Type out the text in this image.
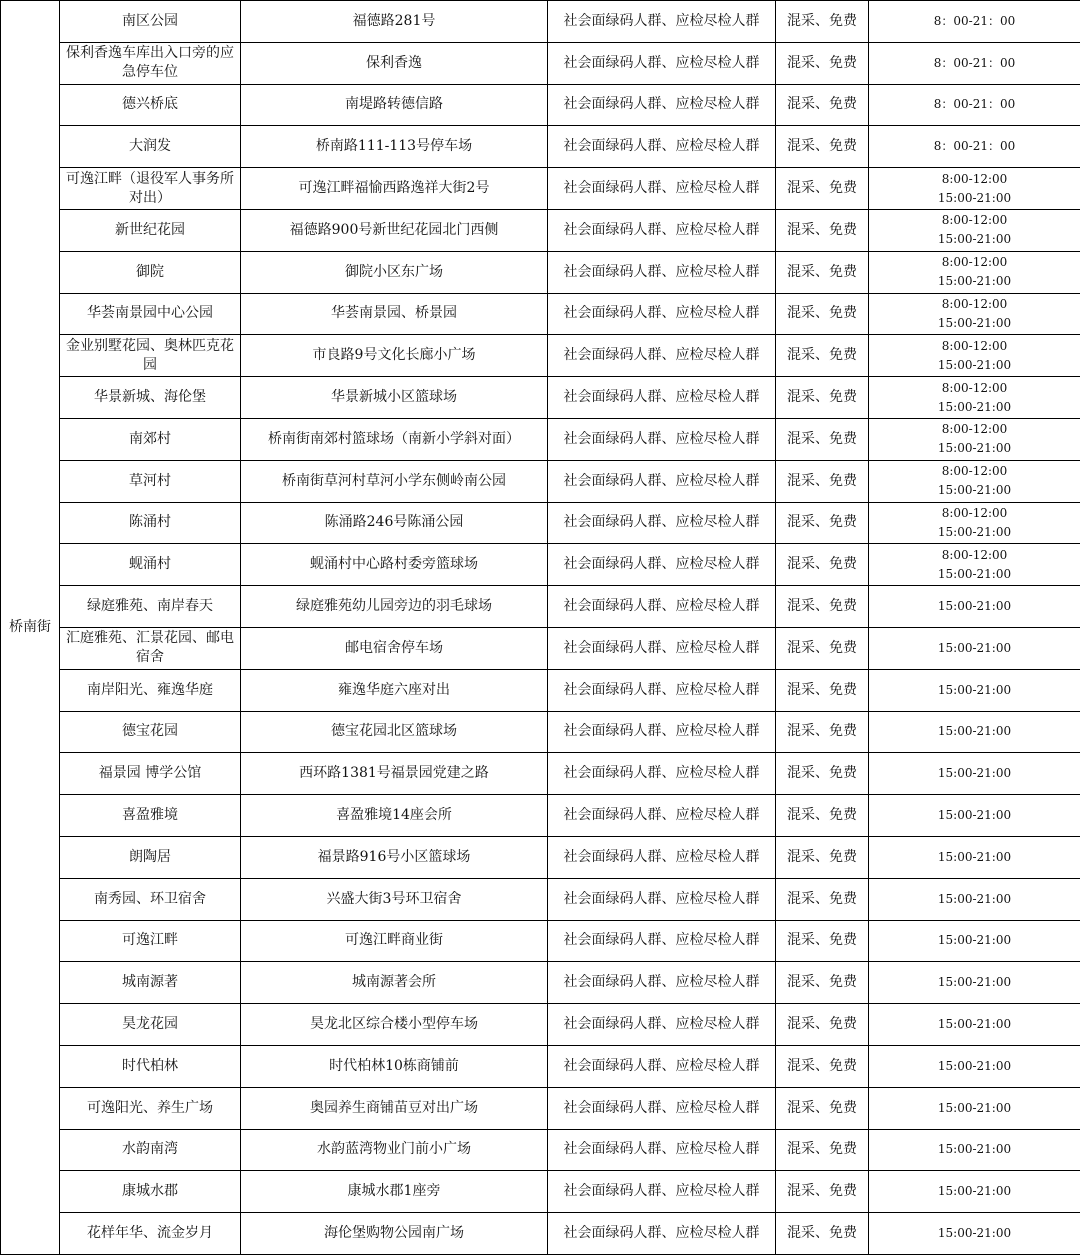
桥南街	南区公园	福德路281号	社会面绿码人群、应检尽检人群	混采、免费	8：00-21：00

	保利香逸车库出入口旁的应急停车位	保利香逸	社会面绿码人群、应检尽检人群	混采、免费	8：00-21：00

	德兴桥底	南堤路转德信路	社会面绿码人群、应检尽检人群	混采、免费	8：00-21：00

	大润发	桥南路111-113号停车场	社会面绿码人群、应检尽检人群	混采、免费	8：00-21：00

	可逸江畔（退役军人事务所对出）	可逸江畔福愉西路逸祥大街2号	社会面绿码人群、应检尽检人群	混采、免费	8:00-12:00
15:00-21:00

	新世纪花园	福德路900号新世纪花园北门西侧	社会面绿码人群、应检尽检人群	混采、免费	8:00-12:00
15:00-21:00

	御院	御院小区东广场	社会面绿码人群、应检尽检人群	混采、免费	8:00-12:00
15:00-21:00

	华荟南景园中心公园	华荟南景园、桥景园	社会面绿码人群、应检尽检人群	混采、免费	8:00-12:00
15:00-21:00

	金业别墅花园、奥林匹克花园	市良路9号文化长廊小广场	社会面绿码人群、应检尽检人群	混采、免费	8:00-12:00
15:00-21:00

	华景新城、海伦堡	华景新城小区篮球场	社会面绿码人群、应检尽检人群	混采、免费	8:00-12:00
15:00-21:00

	南郊村	桥南街南郊村篮球场（南新小学斜对面）	社会面绿码人群、应检尽检人群	混采、免费	8:00-12:00
15:00-21:00

	草河村	桥南街草河村草河小学东侧岭南公园	社会面绿码人群、应检尽检人群	混采、免费	8:00-12:00
15:00-21:00

	陈涌村	陈涌路246号陈涌公园	社会面绿码人群、应检尽检人群	混采、免费	8:00-12:00
15:00-21:00

	蚬涌村	蚬涌村中心路村委旁篮球场	社会面绿码人群、应检尽检人群	混采、免费	8:00-12:00
15:00-21:00

	绿庭雅苑、南岸春天	绿庭雅苑幼儿园旁边的羽毛球场	社会面绿码人群、应检尽检人群	混采、免费	15:00-21:00

	汇庭雅苑、汇景花园、邮电宿舍	邮电宿舍停车场	社会面绿码人群、应检尽检人群	混采、免费	15:00-21:00

	南岸阳光、雍逸华庭	雍逸华庭六座对出	社会面绿码人群、应检尽检人群	混采、免费	15:00-21:00

	德宝花园	德宝花园北区篮球场	社会面绿码人群、应检尽检人群	混采、免费	15:00-21:00

	福景园 博学公馆	西环路1381号福景园党建之路	社会面绿码人群、应检尽检人群	混采、免费	15:00-21:00

	喜盈雅境	喜盈雅境14座会所	社会面绿码人群、应检尽检人群	混采、免费	15:00-21:00

	朗陶居	福景路916号小区篮球场	社会面绿码人群、应检尽检人群	混采、免费	15:00-21:00

	南秀园、环卫宿舍	兴盛大街3号环卫宿舍	社会面绿码人群、应检尽检人群	混采、免费	15:00-21:00

	可逸江畔	可逸江畔商业街	社会面绿码人群、应检尽检人群	混采、免费	15:00-21:00

	城南源著	城南源著会所	社会面绿码人群、应检尽检人群	混采、免费	15:00-21:00

	昊龙花园	昊龙北区综合楼小型停车场	社会面绿码人群、应检尽检人群	混采、免费	15:00-21:00

	时代柏林	时代柏林10栋商铺前	社会面绿码人群、应检尽检人群	混采、免费	15:00-21:00

	可逸阳光、养生广场	奥园养生商铺苗豆对出广场	社会面绿码人群、应检尽检人群	混采、免费	15:00-21:00

	水韵南湾	水韵蓝湾物业门前小广场	社会面绿码人群、应检尽检人群	混采、免费	15:00-21:00

	康城水郡	康城水郡1座旁	社会面绿码人群、应检尽检人群	混采、免费	15:00-21:00

	花样年华、流金岁月	海伦堡购物公园南广场	社会面绿码人群、应检尽检人群	混采、免费	15:00-21:00
